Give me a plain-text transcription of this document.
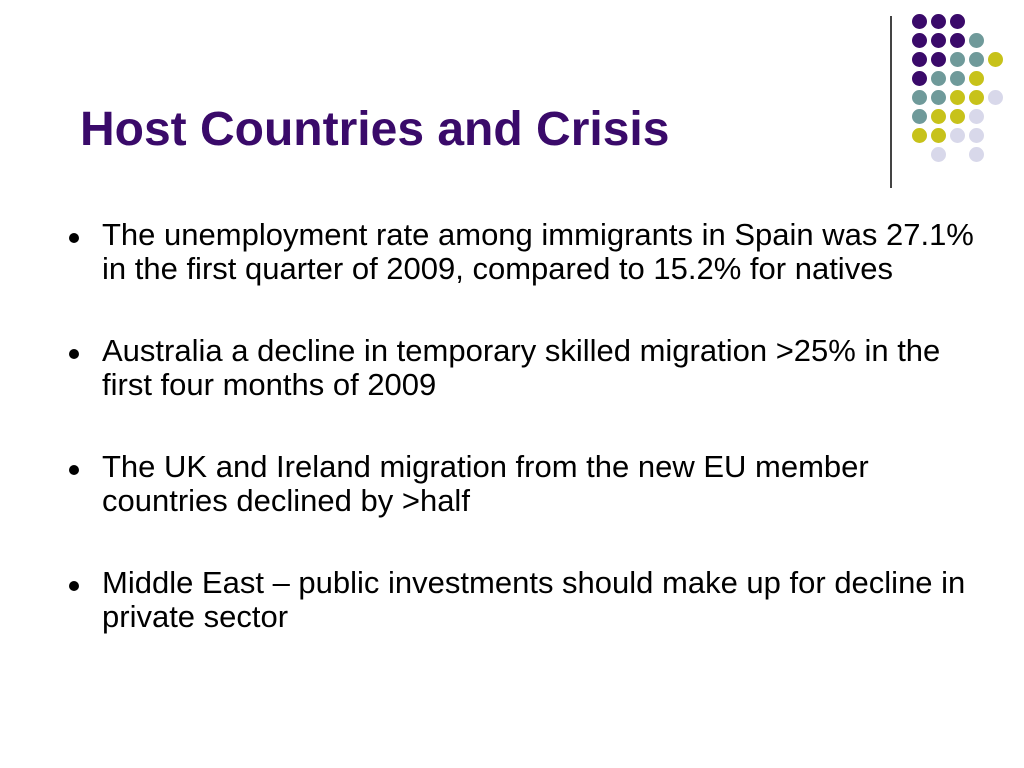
Host Countries and Crisis
The unemployment rate among immigrants in Spain was 27.1% in the first quarter of 2009, compared to 15.2% for natives
Australia a decline in temporary skilled migration >25% in the first four months of 2009
The UK and Ireland migration from the new EU member countries declined by >half
Middle East – public investments should make up for decline in private sector
